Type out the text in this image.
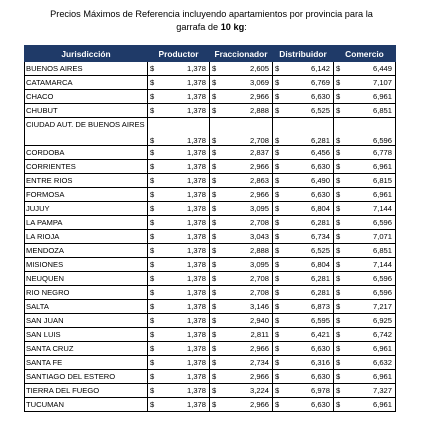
Precios Máximos de Referencia incluyendo apartamientos por provincia para la
garrafa de 10 kg:
Jurisdicción	Productor	Fraccionador	Distribuidor	Comercio
BUENOS AIRES	$ 1,378	$ 2,605	$ 6,142	$ 6,449

CATAMARCA	$ 1,378	$ 3,069	$ 6,769	$ 7,107

CHACO	$ 1,378	$ 2,966	$ 6,630	$ 6,961

CHUBUT	$ 1,378	$ 2,888	$ 6,525	$ 6,851

CIUDAD AUT. DE BUENOS AIRES	$ 1,378	$ 2,708	$ 6,281	$ 6,596

CORDOBA	$ 1,378	$ 2,837	$ 6,456	$ 6,778

CORRIENTES	$ 1,378	$ 2,966	$ 6,630	$ 6,961

ENTRE RIOS	$ 1,378	$ 2,863	$ 6,490	$ 6,815

FORMOSA	$ 1,378	$ 2,966	$ 6,630	$ 6,961

JUJUY	$ 1,378	$ 3,095	$ 6,804	$ 7,144

LA PAMPA	$ 1,378	$ 2,708	$ 6,281	$ 6,596

LA RIOJA	$ 1,378	$ 3,043	$ 6,734	$ 7,071

MENDOZA	$ 1,378	$ 2,888	$ 6,525	$ 6,851

MISIONES	$ 1,378	$ 3,095	$ 6,804	$ 7,144

NEUQUEN	$ 1,378	$ 2,708	$ 6,281	$ 6,596

RIO NEGRO	$ 1,378	$ 2,708	$ 6,281	$ 6,596

SALTA	$ 1,378	$ 3,146	$ 6,873	$ 7,217

SAN JUAN	$ 1,378	$ 2,940	$ 6,595	$ 6,925

SAN LUIS	$ 1,378	$ 2,811	$ 6,421	$ 6,742

SANTA CRUZ	$ 1,378	$ 2,966	$ 6,630	$ 6,961

SANTA FE	$ 1,378	$ 2,734	$ 6,316	$ 6,632

SANTIAGO DEL ESTERO	$ 1,378	$ 2,966	$ 6,630	$ 6,961

TIERRA DEL FUEGO	$ 1,378	$ 3,224	$ 6,978	$ 7,327

TUCUMAN	$ 1,378	$ 2,966	$ 6,630	$ 6,961
